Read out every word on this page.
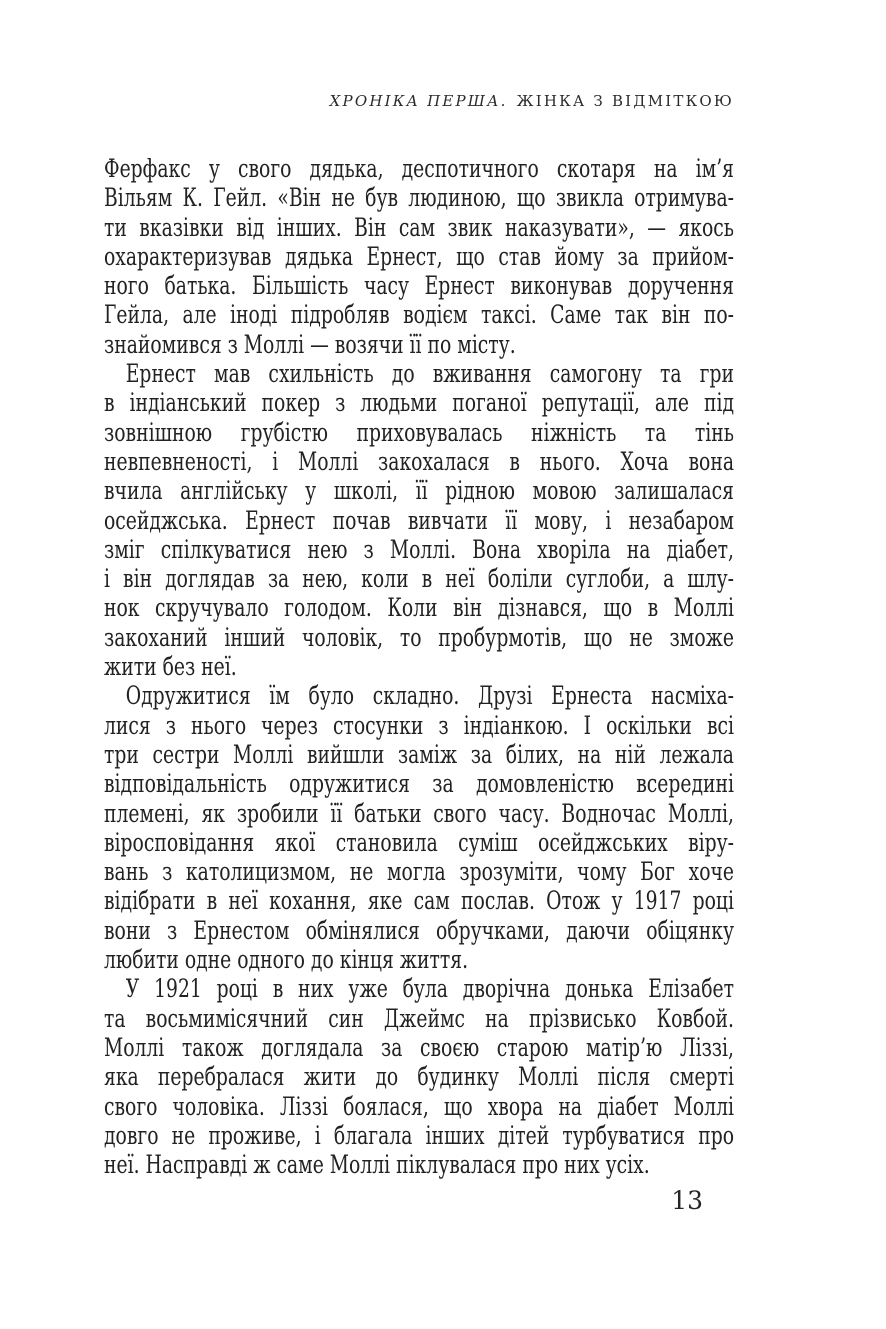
ХРОНІКА ПЕРША. ЖІНКА З ВІДМІТКОЮ
Ферфакс у свого дядька, деспотичного скотаря на ім’я
Вільям К. Гейл. «Він не був людиною, що звикла отримува-
ти вказівки від інших. Він сам звик наказувати», — якось
охарактеризував дядька Ернест, що став йому за прийом-
ного батька. Більшість часу Ернест виконував доручення
Гейла, але іноді підробляв водієм таксі. Саме так він по-
знайомився з Моллі — возячи її по місту.
Ернест мав схильність до вживання самогону та гри
в індіанський покер з людьми поганої репутації, але під
зовнішною грубістю приховувалась ніжність та тінь
невпевненості, і Моллі закохалася в нього. Хоча вона
вчила англійську у школі, її рідною мовою залишалася
осейджська. Ернест почав вивчати її мову, і незабаром
зміг спілкуватися нею з Моллі. Вона хворіла на діабет,
і він доглядав за нею, коли в неї боліли суглоби, а шлу-
нок скручувало голодом. Коли він дізнався, що в Моллі
закоханий інший чоловік, то пробурмотів, що не зможе
жити без неї.
Одружитися їм було складно. Друзі Ернеста насміха-
лися з нього через стосунки з індіанкою. І оскільки всі
три сестри Моллі вийшли заміж за білих, на ній лежала
відповідальність одружитися за домовленістю всередині
племені, як зробили її батьки свого часу. Водночас Моллі,
віросповідання якої становила суміш осейджських віру-
вань з католицизмом, не могла зрозуміти, чому Бог хоче
відібрати в неї кохання, яке сам послав. Отож у 1917 році
вони з Ернестом обмінялися обручками, даючи обіцянку
любити одне одного до кінця життя.
У 1921 році в них уже була дворічна донька Елізабет
та восьмимісячний син Джеймс на прізвисько Ковбой.
Моллі також доглядала за своєю старою матір’ю Ліззі,
яка перебралася жити до будинку Моллі після смерті
свого чоловіка. Ліззі боялася, що хвора на діабет Моллі
довго не проживе, і благала інших дітей турбуватися про
неї. Насправді ж саме Моллі піклувалася про них усіх.
13
